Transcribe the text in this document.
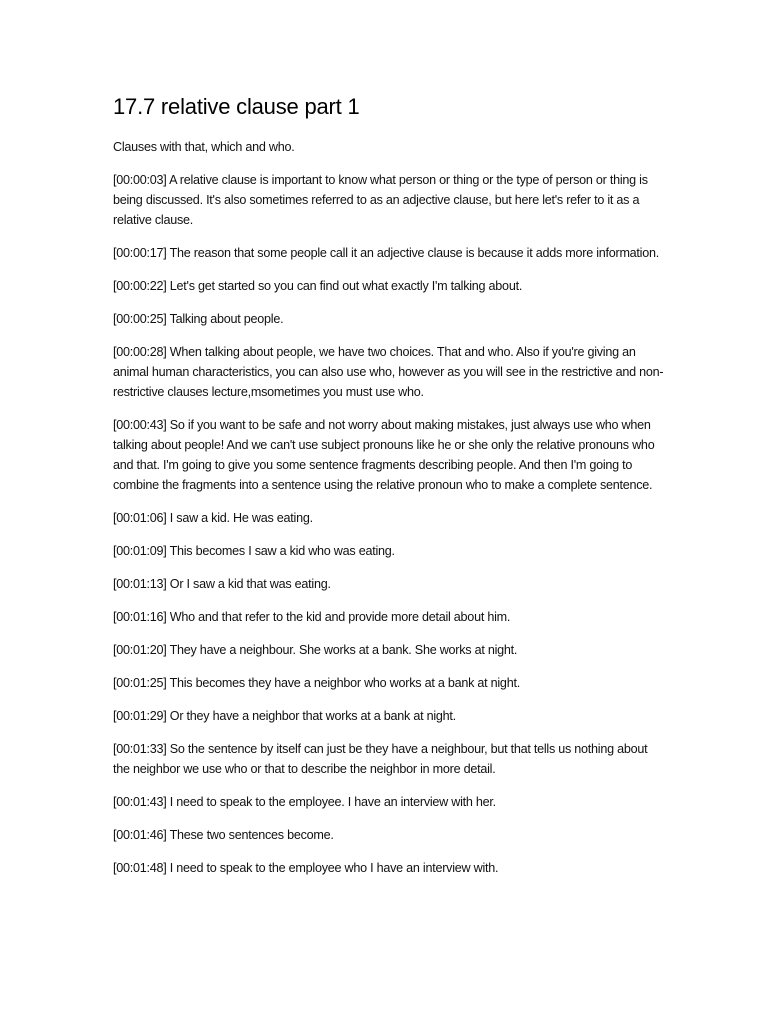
17.7 relative clause part 1

Clauses with that, which and who.

[00:00:03] A relative clause is important to know what person or thing or the type of person or thing is being discussed. It's also sometimes referred to as an adjective clause, but here let's refer to it as a relative clause.

[00:00:17] The reason that some people call it an adjective clause is because it adds more information.

[00:00:22] Let's get started so you can find out what exactly I'm talking about.

[00:00:25] Talking about people.

[00:00:28] When talking about people, we have two choices. That and who. Also if you're giving an animal human characteristics, you can also use who, however as you will see in the restrictive and non-restrictive clauses lecture,msometimes you must use who.

[00:00:43] So if you want to be safe and not worry about making mistakes, just always use who when talking about people! And we can't use subject pronouns like he or she only the relative pronouns who and that. I'm going to give you some sentence fragments describing people. And then I'm going to combine the fragments into a sentence using the relative pronoun who to make a complete sentence.

[00:01:06] I saw a kid. He was eating.

[00:01:09] This becomes I saw a kid who was eating.

[00:01:13] Or I saw a kid that was eating.

[00:01:16] Who and that refer to the kid and provide more detail about him.

[00:01:20] They have a neighbour. She works at a bank. She works at night.

[00:01:25] This becomes they have a neighbor who works at a bank at night.

[00:01:29] Or they have a neighbor that works at a bank at night.

[00:01:33] So the sentence by itself can just be they have a neighbour, but that tells us nothing about the neighbor we use who or that to describe the neighbor in more detail.

[00:01:43] I need to speak to the employee. I have an interview with her.

[00:01:46] These two sentences become.

[00:01:48] I need to speak to the employee who I have an interview with.
